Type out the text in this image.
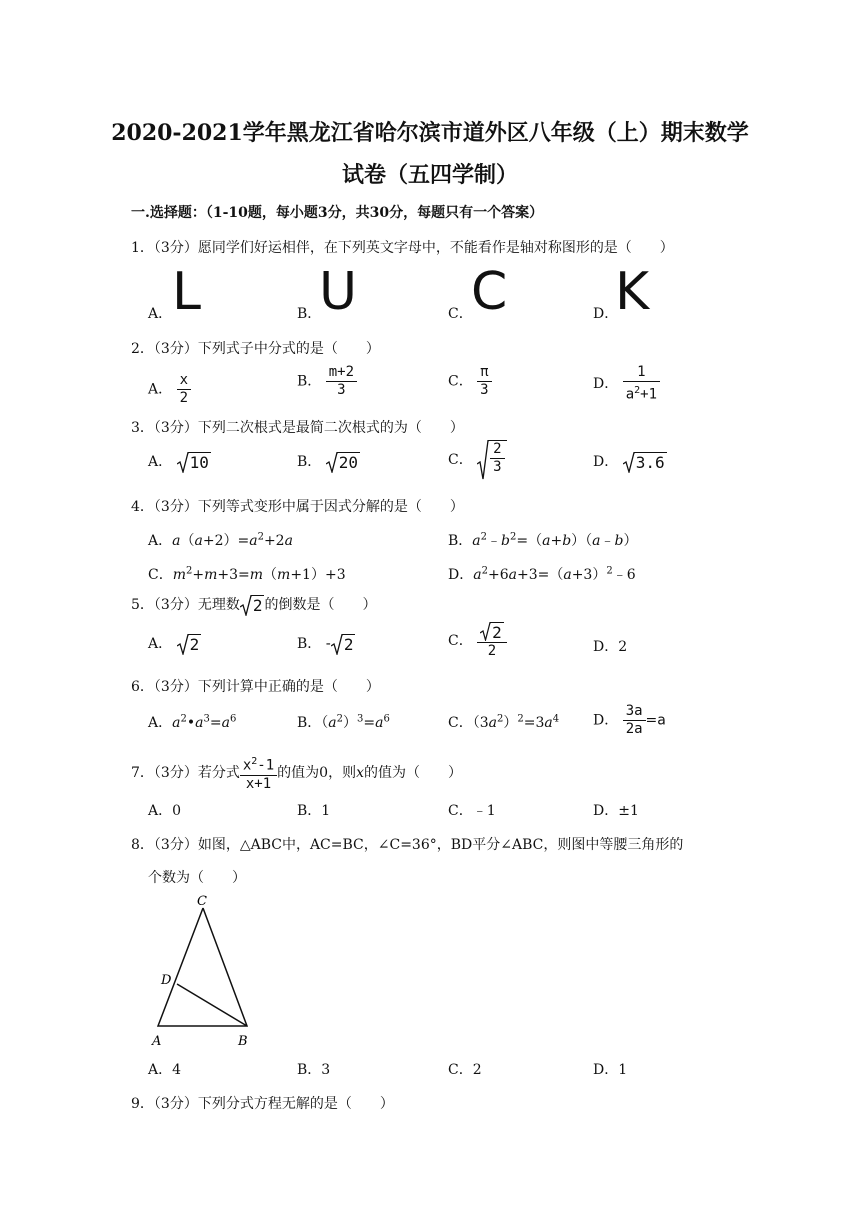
2020-2021学年黑龙江省哈尔滨市道外区八年级（上）期末数学
试卷（五四学制）
一.选择题：（1-10题，每小题3分，共30分，每题只有一个答案）
1．（3分）愿同学们好运相伴，在下列英文字母中，不能看作是轴对称图形的是（　　）
A． L	B．
U	C．
C	D．
K
2．（3分）下列式子中分式的是（　　）
A． $\frac{x}{2}$	B． $\frac{m+2}{3}$	C． $\frac{\pi}{3}$	D． $\frac{1}{a^2+1}$
3．（3分）下列二次根式是最简二次根式的为（　　）
A． 10	B． 20	C． $\frac{2}{3}$	D． 3.6
4．（3分）下列等式变形中属于因式分解的是（　　）
A．$a(a+2)=a^2+2a$	B．$a^2﹣b^2=(a+b)(a﹣b)$
C．$m^2+m+3=m(m+1)+3$	D．$a^2+6a+3=(a+3)^2﹣6$
5．（3分）无理数 2 的倒数是（　　）
A． 2	B． - 2	C． $\frac{2}{2}$	D．2
6．（3分）下列计算中正确的是（　　）
A．$a^2•a^3=a^6$	B．$(a^2)^3=a^6$	C．$(3a^2)^2=3a^4$ D． $\frac{3a}{2a} =a$
7．（3分）若分式 $\frac{x^2-1}{x+1}$ 的值为0，则x的值为（　　）
A．0	B．1	C．﹣1	D．±1
8．（3分）如图，△ABC中，AC=BC，∠C=36°，BD平分∠ABC，则图中等腰三角形的
个数为（　　）
C
D
A	B
A．4	B．3	C．2	D．1
9．（3分）下列分式方程无解的是（　　）
